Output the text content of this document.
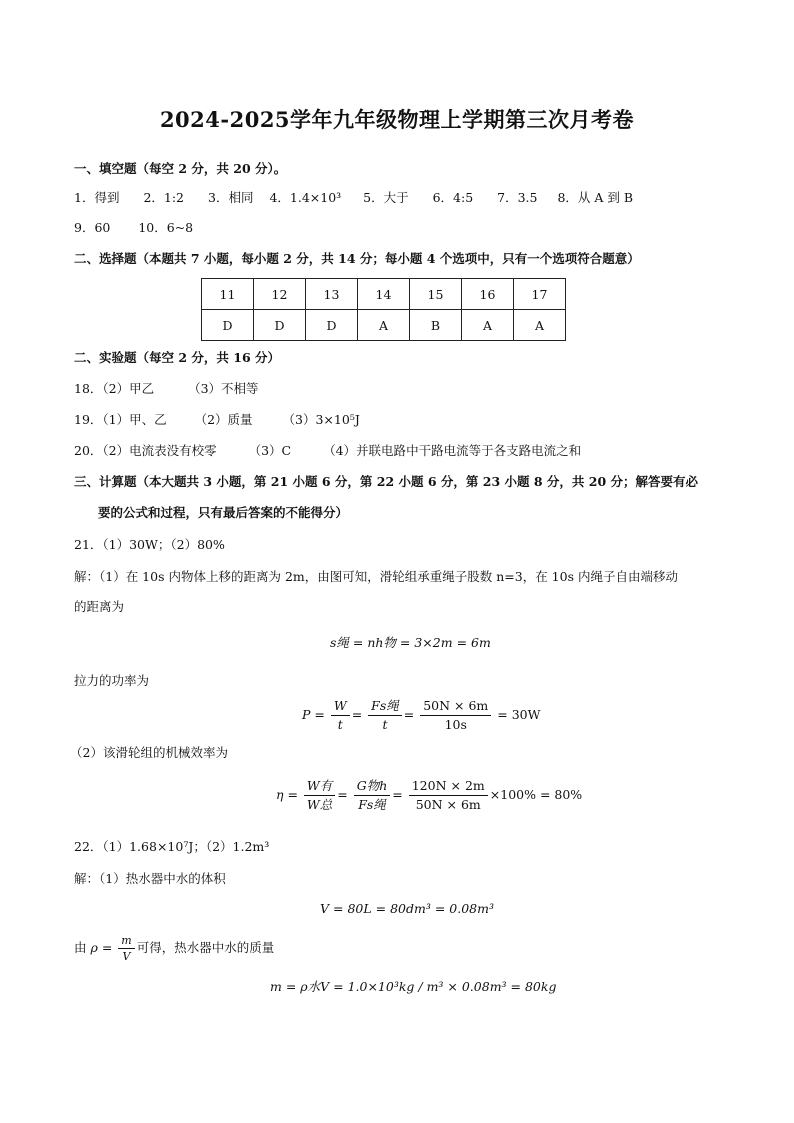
2024-2025学年九年级物理上学期第三次月考卷
一、填空题（每空 2 分，共 20 分）。
1．得到 2．1:2 3．相同 4．1.4×10³ 5．大于 6．4:5 7．3.5 8．从 A 到 B
9．60 10．6~8
二、选择题（本题共 7 小题，每小题 2 分，共 14 分；每小题 4 个选项中，只有一个选项符合题意）
11	12	13	14	15	16	17
D	D	D	A	B	A	A
二、实验题（每空 2 分，共 16 分）
18．（2）甲乙	（3）不相等
19．（1）甲、乙 （2）质量 （3）3×10⁵J
20．（2）电流表没有校零	（3）C	（4）并联电路中干路电流等于各支路电流之和
三、计算题（本大题共 3 小题，第 21 小题 6 分，第 22 小题 6 分，第 23 小题 8 分，共 20 分；解答要有必
要的公式和过程，只有最后答案的不能得分）
21．（1）30W；（2）80%
解：（1）在 10s 内物体上移的距离为 2m，由图可知，滑轮组承重绳子股数 n=3，在 10s 内绳子自由端移动
的距离为
s绳 = nh物 = 3×2m = 6m
拉力的功率为
$P = \frac{W}{t} = \frac{\text{Fs绳}}{t} = \frac{50N \times 6m}{10s} = 30W$
（2）该滑轮组的机械效率为
$\eta = \frac{\text{W有}}{\text{W总}} = \frac{\text{G物h}}{\text{Fs绳}} = \frac{120N \times 2m}{50N \times 6m} \times 100\% = 80\%$
22．（1）1.68×10⁷J；（2）1.2m³
解：（1）热水器中水的体积
V = 80L = 80dm³ = 0.08m³
由 $\rho = \frac{m}{V}$ 可得，热水器中水的质量
m = ρ水V = 1.0×10³kg / m³ × 0.08m³ = 80kg
